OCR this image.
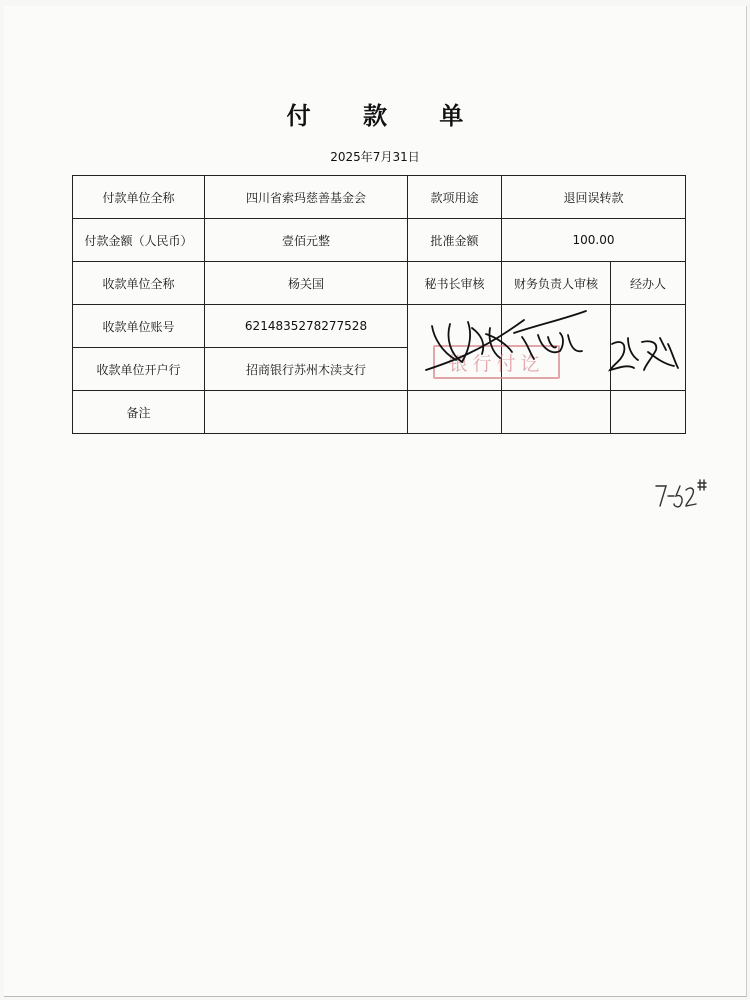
付 款 单
2025年7月31日
付款单位全称	四川省索玛慈善基金会	款项用途	退回误转款	
付款金额（人民币）	壹佰元整	批准金额	100.00	
收款单位全称	杨关国	秘书长审核	财务负责人审核	经办人
收款单位账号	6214835278277528			
收款单位开户行	招商银行苏州木渎支行			
备注				
银行付讫
